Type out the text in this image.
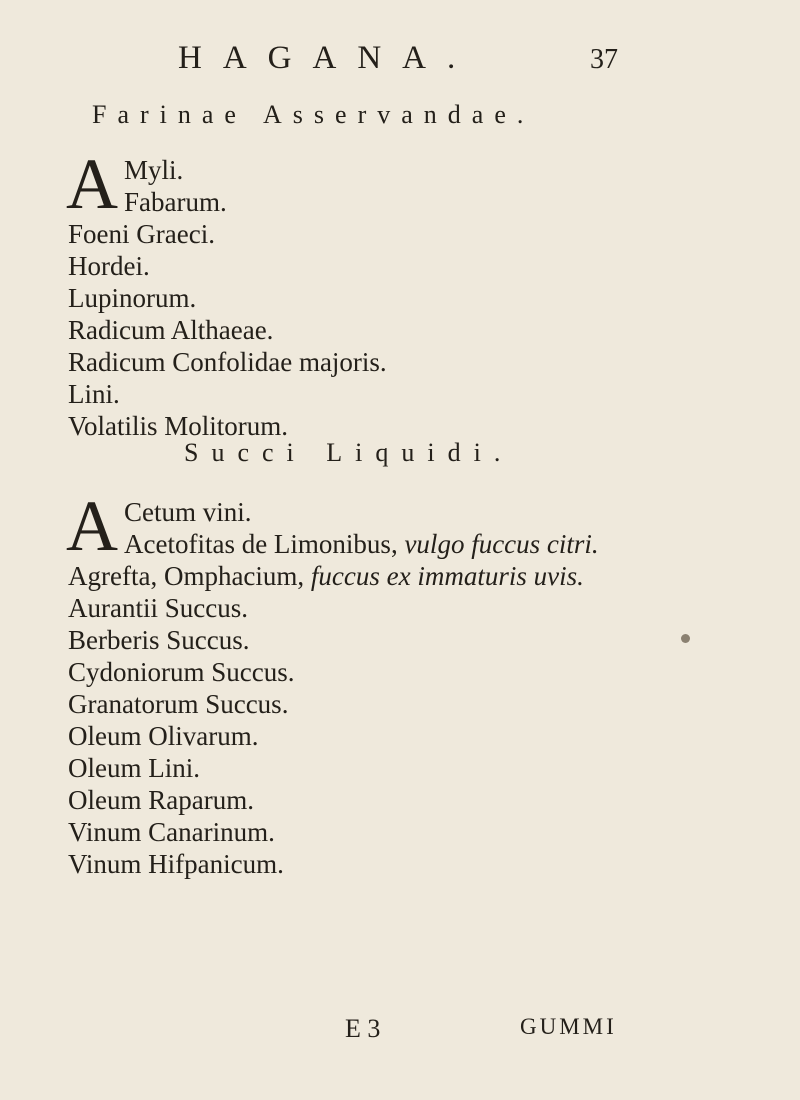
HAGANA.	37
Farinae Asservandae.
A Myli.
Fabarum.
Foeni Graeci.
Hordei.
Lupinorum.
Radicum Althaeae.
Radicum Confolidae majoris.
Lini.
Volatilis Molitorum.
Succi Liquidi.
A Cetum vini.
Acetofitas de Limonibus, vulgo fuccus citri.
Agrefta, Omphacium, fuccus ex immaturis uvis.
Aurantii Succus.
Berberis Succus.
Cydoniorum Succus.
Granatorum Succus.
Oleum Olivarum.
Oleum Lini.
Oleum Raparum.
Vinum Canarinum.
Vinum Hifpanicum.
E 3	GUMMI
